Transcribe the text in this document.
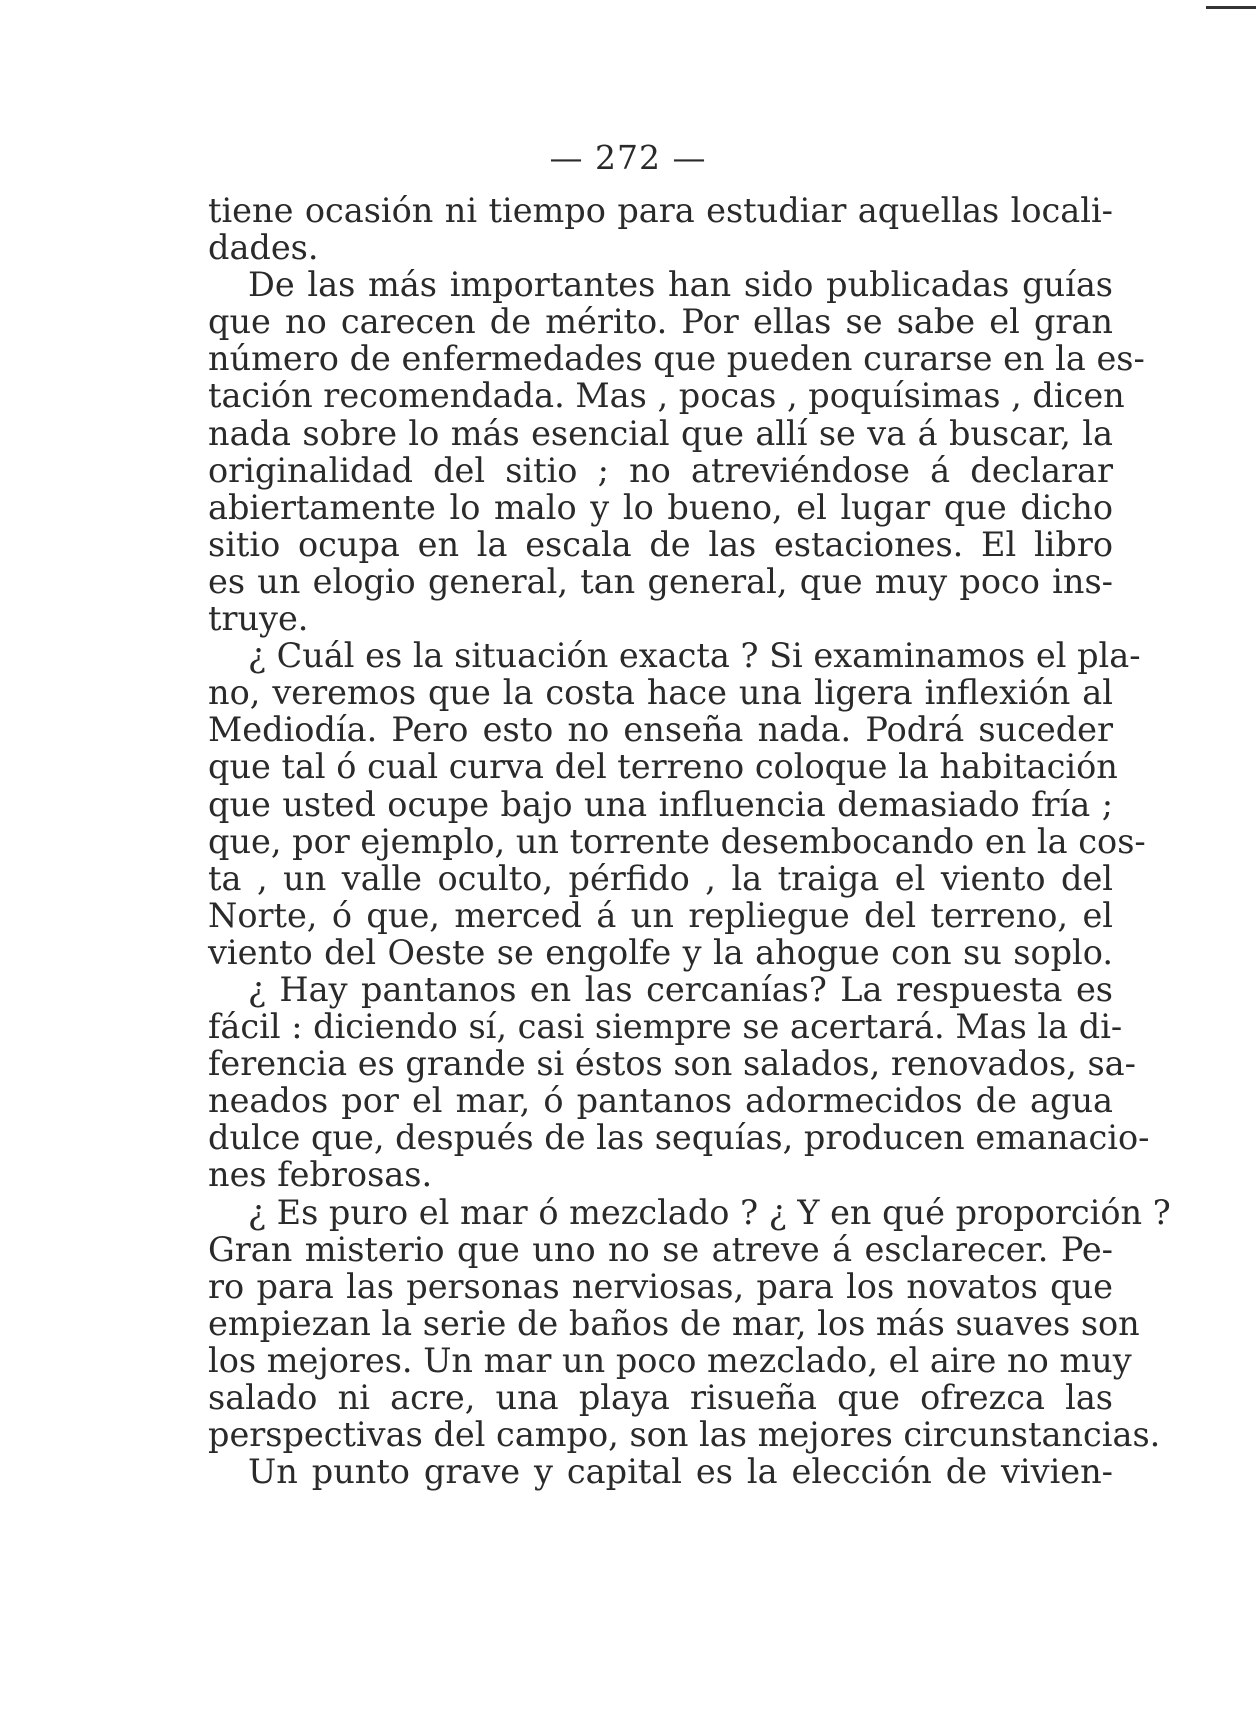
— 272 —
tiene ocasión ni tiempo para estudiar aquellas locali-
dades.
De las más importantes han sido publicadas guías
que no carecen de mérito. Por ellas se sabe el gran
número de enfermedades que pueden curarse en la es-
tación recomendada. Mas , pocas , poquísimas , dicen
nada sobre lo más esencial que allí se va á buscar, la
originalidad del sitio ; no atreviéndose á declarar
abiertamente lo malo y lo bueno, el lugar que dicho
sitio ocupa en la escala de las estaciones. El libro
es un elogio general, tan general, que muy poco ins-
truye.
¿ Cuál es la situación exacta ? Si examinamos el pla-
no, veremos que la costa hace una ligera inflexión al
Mediodía. Pero esto no enseña nada. Podrá suceder
que tal ó cual curva del terreno coloque la habitación
que usted ocupe bajo una influencia demasiado fría ;
que, por ejemplo, un torrente desembocando en la cos-
ta , un valle oculto, pérfido , la traiga el viento del
Norte, ó que, merced á un repliegue del terreno, el
viento del Oeste se engolfe y la ahogue con su soplo.
¿ Hay pantanos en las cercanías? La respuesta es
fácil : diciendo sí, casi siempre se acertará. Mas la di-
ferencia es grande si éstos son salados, renovados, sa-
neados por el mar, ó pantanos adormecidos de agua
dulce que, después de las sequías, producen emanacio-
nes febrosas.
¿ Es puro el mar ó mezclado ? ¿ Y en qué proporción ?
Gran misterio que uno no se atreve á esclarecer. Pe-
ro para las personas nerviosas, para los novatos que
empiezan la serie de baños de mar, los más suaves son
los mejores. Un mar un poco mezclado, el aire no muy
salado ni acre, una playa risueña que ofrezca las
perspectivas del campo, son las mejores circunstancias.
Un punto grave y capital es la elección de vivien-
